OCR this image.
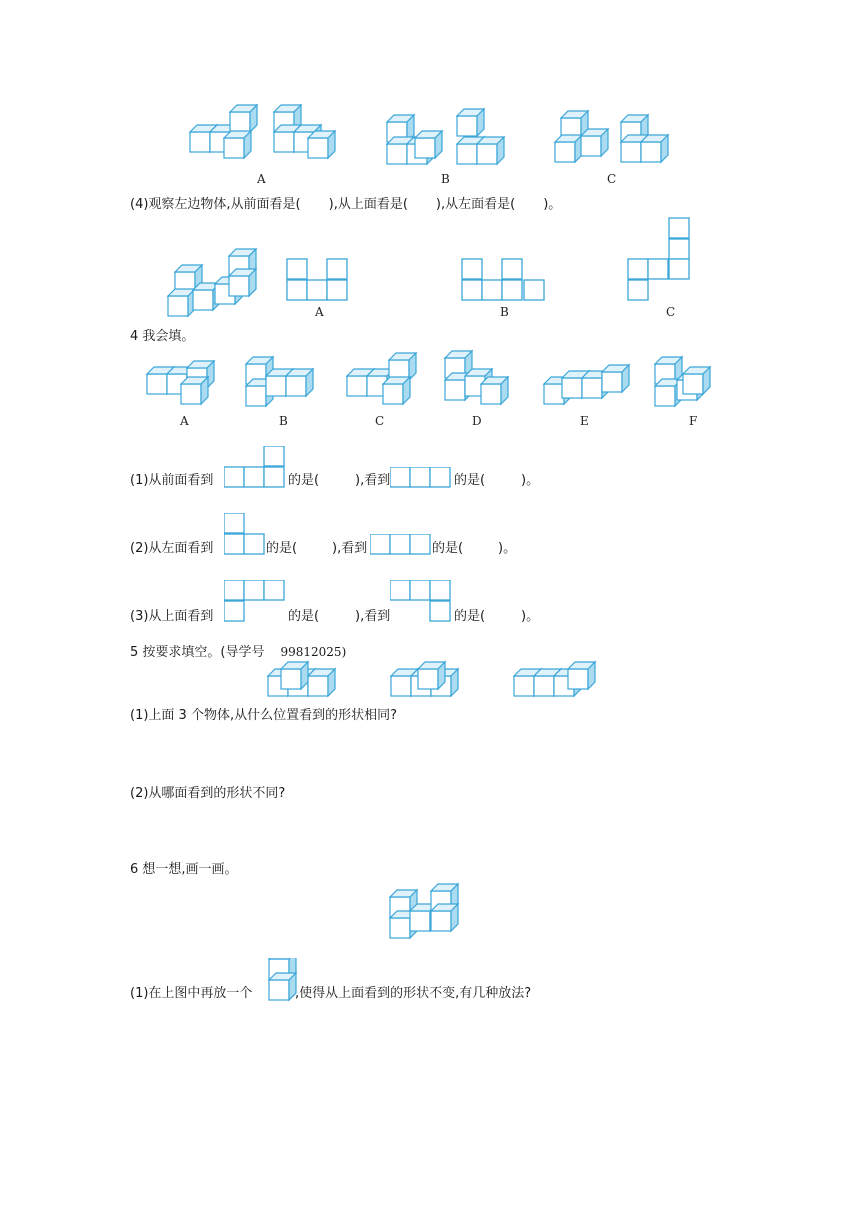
A	B	C
(4)观察左边物体,从前面看是( ),从上面看是( ),从左面看是( )。
A	B	C
4 我会填。
A	B	C	D	E	F
(1)从前面看到	的是(	),看到	的是(	)。
(2)从左面看到	的是(	),看到	的是(	)。
(3)从上面看到	的是(	),看到	的是(	)。
5 按要求填空。(导学号 99812025)
(1)上面 3 个物体,从什么位置看到的形状相同?
(2)从哪面看到的形状不同?
6 想一想,画一画。
(1)在上图中再放一个	,使得从上面看到的形状不变,有几种放法?
